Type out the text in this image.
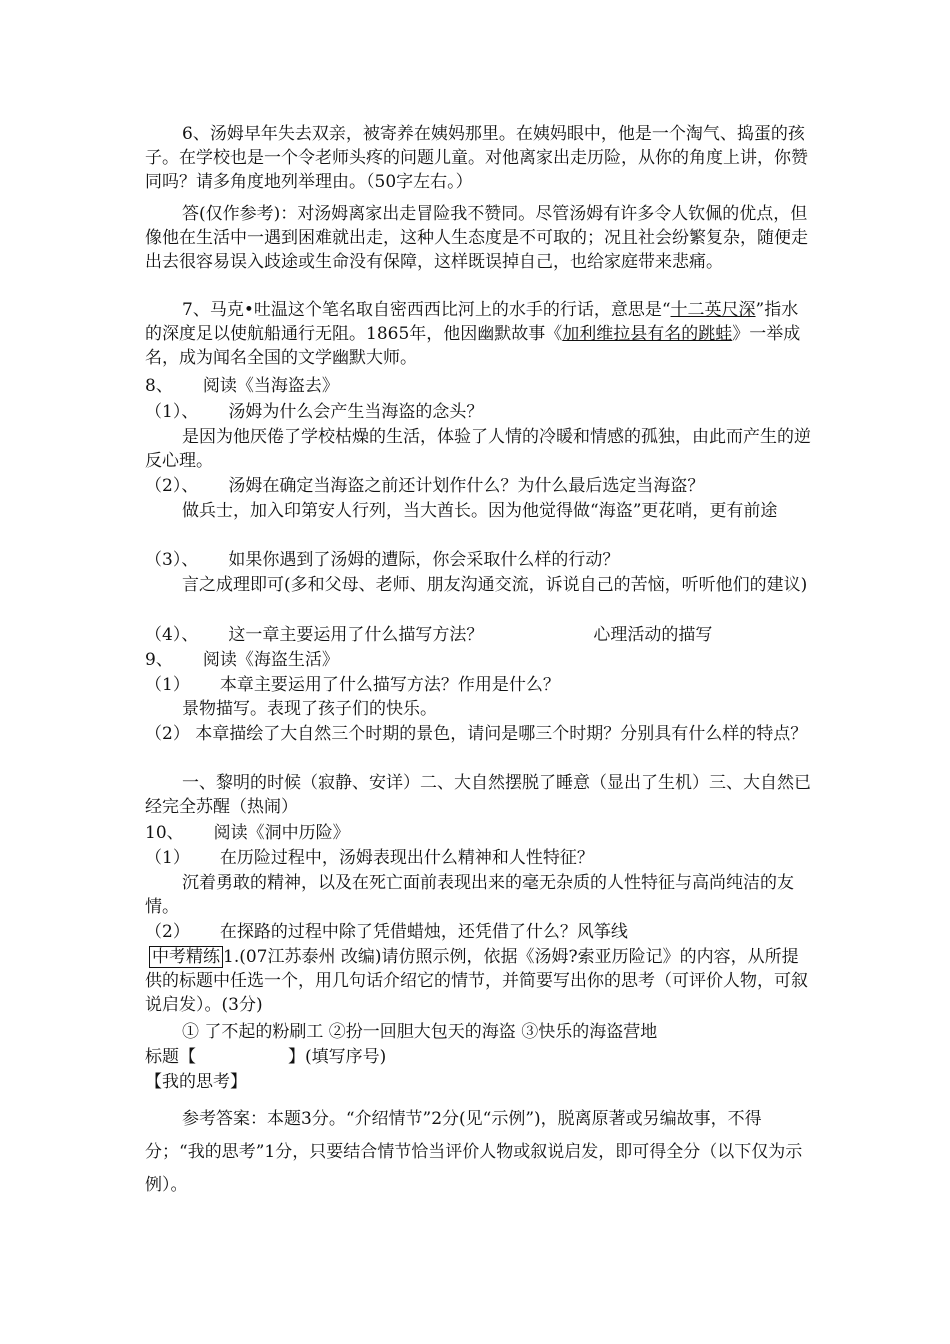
6、汤姆早年失去双亲，被寄养在姨妈那里。在姨妈眼中，他是一个淘气、捣蛋的孩子。在学校也是一个令老师头疼的问题儿童。对他离家出走历险，从你的角度上讲，你赞同吗？请多角度地列举理由。（50字左右。）
答(仅作参考)：对汤姆离家出走冒险我不赞同。尽管汤姆有许多令人钦佩的优点，但像他在生活中一遇到困难就出走，这种人生态度是不可取的；况且社会纷繁复杂，随便走出去很容易误入歧途或生命没有保障，这样既误掉自己，也给家庭带来悲痛。
7、马克•吐温这个笔名取自密西西比河上的水手的行话，意思是“十二英尺深”指水的深度足以使航船通行无阻。1865年，他因幽默故事《加利维拉县有名的跳蛙》一举成名，成为闻名全国的文学幽默大师。
8、 阅读《当海盗去》
（1）、 汤姆为什么会产生当海盗的念头？
是因为他厌倦了学校枯燥的生活，体验了人情的冷暖和情感的孤独，由此而产生的逆反心理。
（2）、 汤姆在确定当海盗之前还计划作什么？为什么最后选定当海盗？
做兵士，加入印第安人行列，当大酋长。因为他觉得做“海盗”更花哨，更有前途
（3）、 如果你遇到了汤姆的遭际，你会采取什么样的行动？
言之成理即可(多和父母、老师、朋友沟通交流，诉说自己的苦恼，听听他们的建议)
（4）、 这一章主要运用了什么描写方法？	心理活动的描写
9、 阅读《海盗生活》
（1） 本章主要运用了什么描写方法？作用是什么？
景物描写。表现了孩子们的快乐。
（2） 本章描绘了大自然三个时期的景色，请问是哪三个时期？分别具有什么样的特点？
一、黎明的时候（寂静、安详）二、大自然摆脱了睡意（显出了生机）三、大自然已经完全苏醒（热闹）
10、 阅读《洞中历险》
（1） 在历险过程中，汤姆表现出什么精神和人性特征？
沉着勇敢的精神，以及在死亡面前表现出来的毫无杂质的人性特征与高尚纯洁的友情。
（2） 在探路的过程中除了凭借蜡烛，还凭借了什么？风筝线
中考精练 1.(07江苏泰州 改编)请仿照示例，依据《汤姆?索亚历险记》的内容，从所提供的标题中任选一个，用几句话介绍它的情节，并简要写出你的思考（可评价人物，可叙说启发）。(3分)
① 了不起的粉刷工 ②扮一回胆大包天的海盗 ③快乐的海盗营地
标题【	】(填写序号)
【我的思考】
参考答案：本题3分。“介绍情节”2分(见“示例”)，脱离原著或另编故事，不得分；“我的思考”1分，只要结合情节恰当评价人物或叙说启发，即可得全分（以下仅为示例）。
